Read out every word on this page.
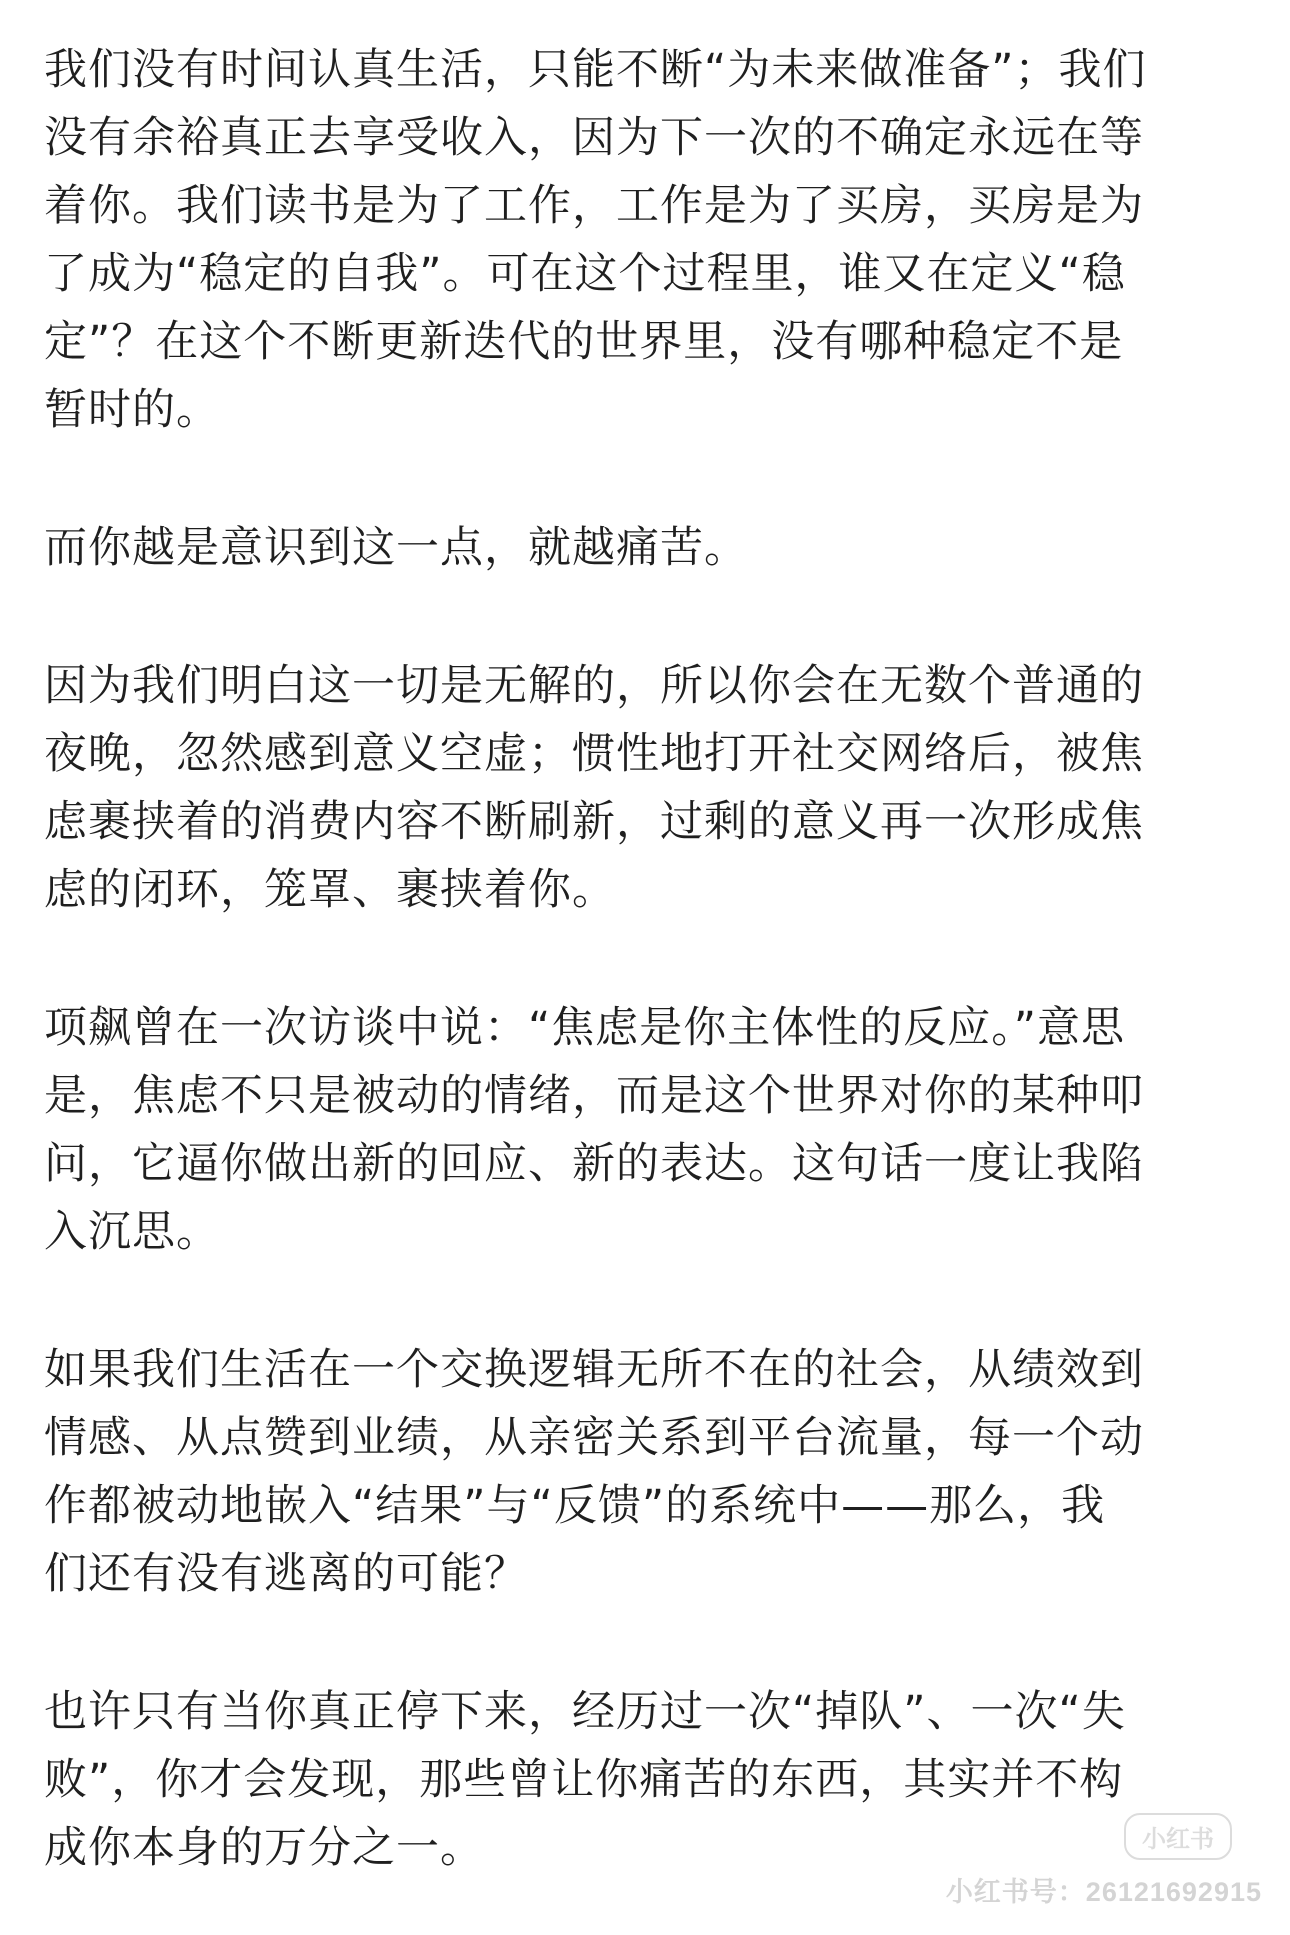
我们没有时间认真生活，只能不断“为未来做准备”；我们
没有余裕真正去享受收入，因为下一次的不确定永远在等
着你。我们读书是为了工作，工作是为了买房，买房是为
了成为“稳定的自我”。可在这个过程里，谁又在定义“稳
定”？在这个不断更新迭代的世界里，没有哪种稳定不是
暂时的。

而你越是意识到这一点，就越痛苦。

因为我们明白这一切是无解的，所以你会在无数个普通的
夜晚，忽然感到意义空虚；惯性地打开社交网络后，被焦
虑裹挟着的消费内容不断刷新，过剩的意义再一次形成焦
虑的闭环，笼罩、裹挟着你。

项飙曾在一次访谈中说：“焦虑是你主体性的反应。”意思
是，焦虑不只是被动的情绪，而是这个世界对你的某种叩
问，它逼你做出新的回应、新的表达。这句话一度让我陷
入沉思。

如果我们生活在一个交换逻辑无所不在的社会，从绩效到
情感、从点赞到业绩，从亲密关系到平台流量，每一个动
作都被动地嵌入“结果”与“反馈”的系统中——那么，我
们还有没有逃离的可能？

也许只有当你真正停下来，经历过一次“掉队”、一次“失
败”，你才会发现，那些曾让你痛苦的东西，其实并不构
成你本身的万分之一。	小红书
小红书号：26121692915
